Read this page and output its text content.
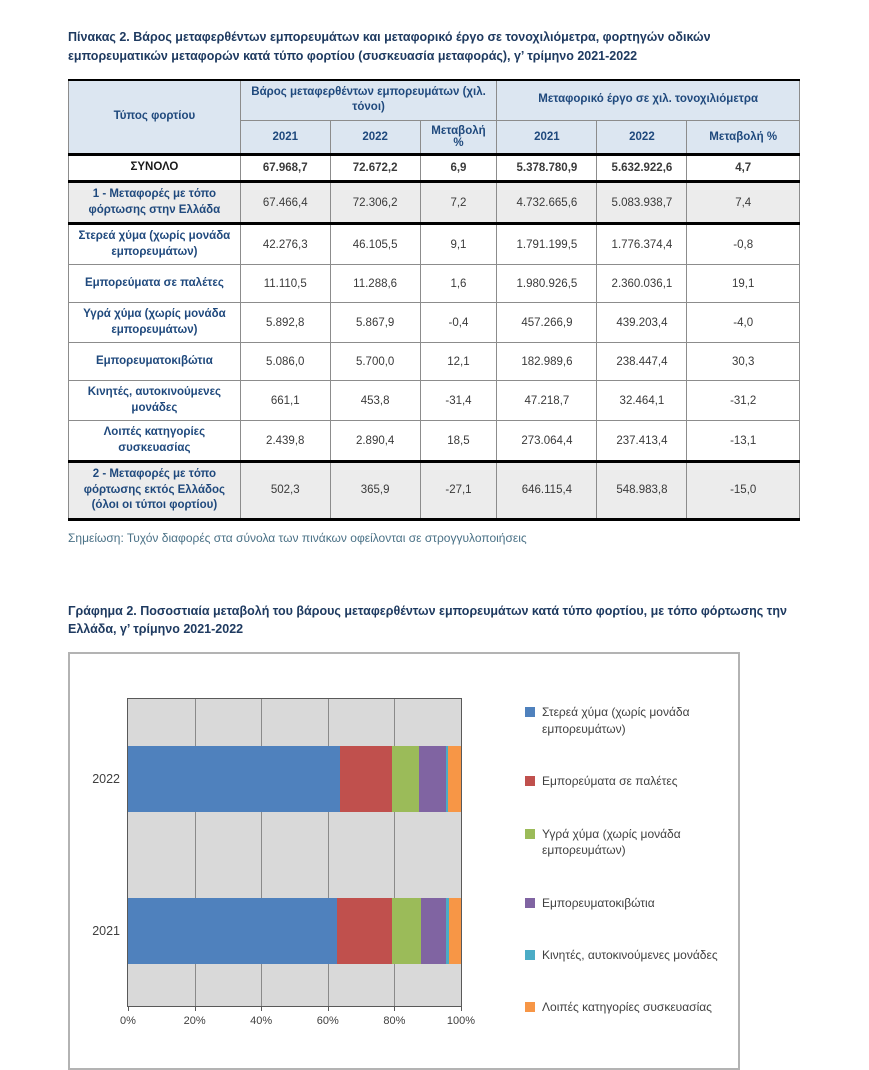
Πίνακας 2. Βάρος μεταφερθέντων εμπορευμάτων και μεταφορικό έργο σε τονοχιλιόμετρα, φορτηγών οδικών εμπορευματικών μεταφορών κατά τύπο φορτίου (συσκευασία μεταφοράς), γ’ τρίμηνο 2021-2022
Τύπος φορτίου	Βάρος μεταφερθέντων εμπορευμάτων (χιλ. τόνοι)			Μεταφορικό έργο σε χιλ. τονοχιλιόμετρα		
	2021	2022	Μεταβολή %	2021	2022	Μεταβολή %
ΣΥΝΟΛΟ	67.968,7	72.672,2	6,9	5.378.780,9	5.632.922,6	4,7
1 - Μεταφορές με τόπο φόρτωσης στην Ελλάδα	67.466,4	72.306,2	7,2	4.732.665,6	5.083.938,7	7,4
Στερεά χύμα (χωρίς μονάδα εμπορευμάτων)	42.276,3	46.105,5	9,1	1.791.199,5	1.776.374,4	-0,8
Εμπορεύματα σε παλέτες	11.110,5	11.288,6	1,6	1.980.926,5	2.360.036,1	19,1
Υγρά χύμα (χωρίς μονάδα εμπορευμάτων)	5.892,8	5.867,9	-0,4	457.266,9	439.203,4	-4,0
Εμπορευματοκιβώτια	5.086,0	5.700,0	12,1	182.989,6	238.447,4	30,3
Κινητές, αυτοκινούμενες μονάδες	661,1	453,8	-31,4	47.218,7	32.464,1	-31,2
Λοιπές κατηγορίες συσκευασίας	2.439,8	2.890,4	18,5	273.064,4	237.413,4	-13,1
2 - Μεταφορές με τόπο φόρτωσης εκτός Ελλάδος (όλοι οι τύποι φορτίου)	502,3	365,9	-27,1	646.115,4	548.983,8	-15,0
Σημείωση: Τυχόν διαφορές στα σύνολα των πινάκων οφείλονται σε στρογγυλοποιήσεις
Γράφημα 2. Ποσοστιαία μεταβολή του βάρους μεταφερθέντων εμπορευμάτων κατά τύπο φορτίου, με τόπο φόρτωσης την Ελλάδα, γ’ τρίμηνο 2021-2022
2022
2021
0%	20%	40%	60%	80%	100%
Στερεά χύμα (χωρίς μονάδα εμπορευμάτων)
Εμπορεύματα σε παλέτες
Υγρά χύμα (χωρίς μονάδα εμπορευμάτων)
Εμπορευματοκιβώτια
Κινητές, αυτοκινούμενες μονάδες
Λοιπές κατηγορίες συσκευασίας
